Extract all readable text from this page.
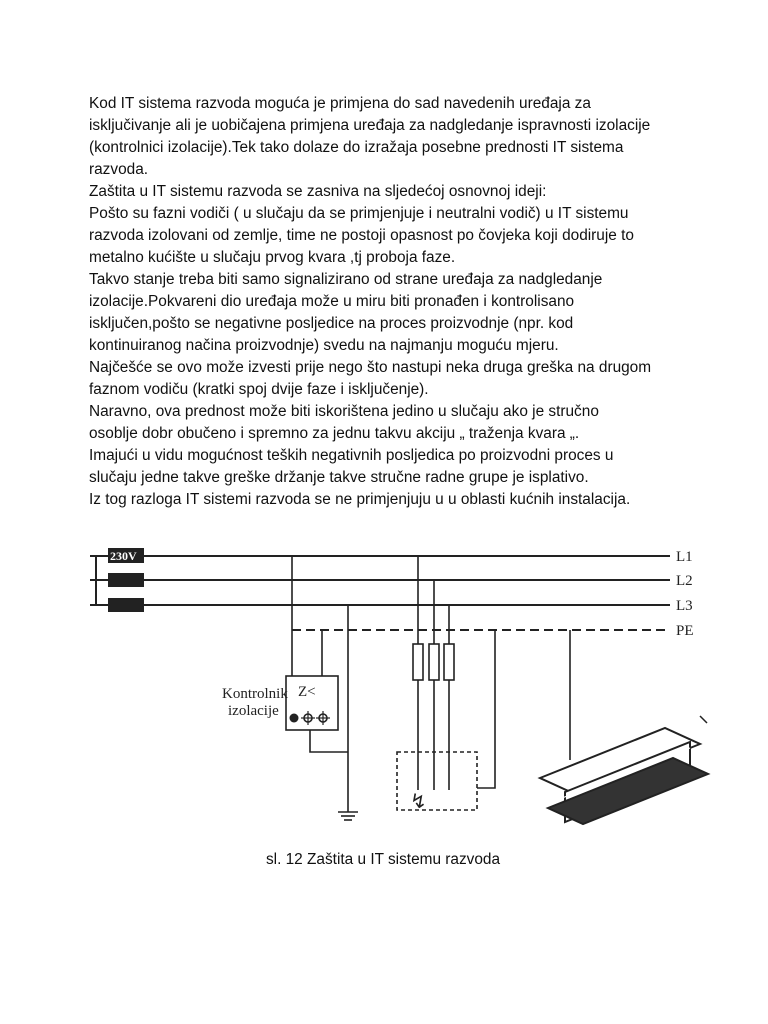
Kod IT sistema razvoda moguća je primjena do sad navedenih uređaja za

isključivanje ali je uobičajena primjena uređaja za nadgledanje ispravnosti izolacije

(kontrolnici izolacije).Tek tako dolaze do izražaja posebne prednosti IT sistema

razvoda.

Zaštita u IT sistemu razvoda se zasniva na sljedećoj osnovnoj ideji:

Pošto su fazni vodiči ( u slučaju da se primjenjuje i neutralni vodič) u IT sistemu

razvoda izolovani od zemlje, time ne postoji opasnost po čovjeka koji dodiruje to

metalno kućište u slučaju prvog kvara ,tj proboja faze.

Takvo stanje treba biti samo signalizirano od strane uređaja za nadgledanje

izolacije.Pokvareni dio uređaja može u miru biti pronađen i kontrolisano

isključen,pošto se negativne posljedice na proces proizvodnje (npr. kod

kontinuiranog načina proizvodnje) svedu na najmanju moguću mjeru.

Najčešće se ovo može izvesti prije nego što nastupi neka druga greška na drugom

faznom vodiču (kratki spoj dvije faze i isključenje).

Naravno, ova prednost može biti iskorištena jedino u slučaju ako je stručno

osoblje dobr obučeno i spremno za jednu takvu akciju „ traženja kvara „.

Imajući u vidu mogućnost teških negativnih posljedica po proizvodni proces u

slučaju jedne takve greške držanje takve stručne radne grupe je isplativo.

Iz tog razloga IT sistemi razvoda se ne primjenjuju u u oblasti kućnih instalacija.

230V
Z<
Kontrolnik
izolacije
↯
L1
L2
L3
PE
sl. 12 Zaštita u IT sistemu razvoda
